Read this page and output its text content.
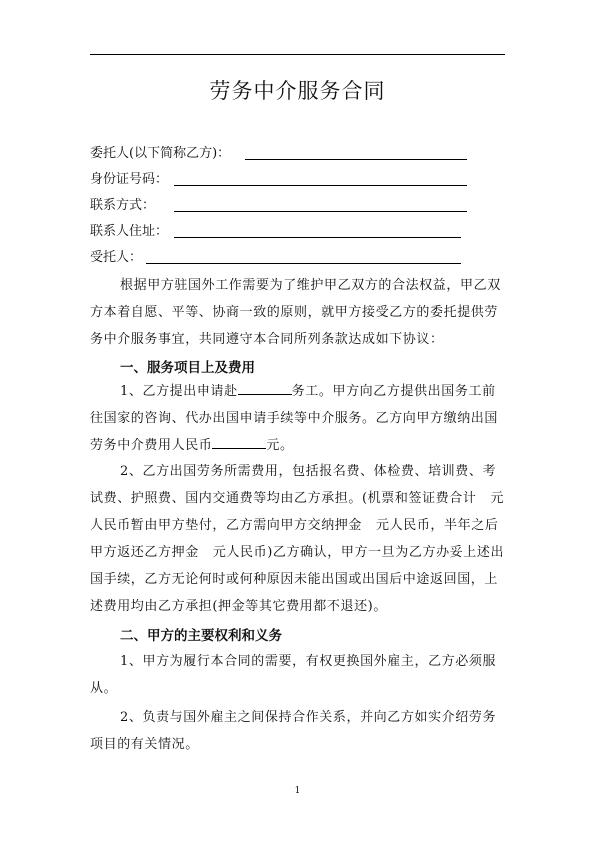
劳务中介服务合同
委托人(以下简称乙方)：
身份证号码：
联系方式：
联系人住址：
受托人：

根据甲方驻国外工作需要为了维护甲乙双方的合法权益，甲乙双方本着自愿、平等、协商一致的原则，就甲方接受乙方的委托提供劳务中介服务事宜，共同遵守本合同所列条款达成如下协议：

一、服务项目上及费用

1、乙方提出申请赴	务工。甲方向乙方提供出国务工前往国家的咨询、代办出国申请手续等中介服务。乙方向甲方缴纳出国劳务中介费用人民币	元。

2、乙方出国劳务所需费用，包括报名费、体检费、培训费、考试费、护照费、国内交通费等均由乙方承担。(机票和签证费合计 元人民币暂由甲方垫付，乙方需向甲方交纳押金 元人民币，半年之后甲方返还乙方押金 元人民币)乙方确认，甲方一旦为乙方办妥上述出国手续，乙方无论何时或何种原因未能出国或出国后中途返回国，上述费用均由乙方承担(押金等其它费用都不退还)。

二、甲方的主要权利和义务

1、甲方为履行本合同的需要，有权更换国外雇主，乙方必须服从。

2、负责与国外雇主之间保持合作关系，并向乙方如实介绍劳务项目的有关情况。

1
